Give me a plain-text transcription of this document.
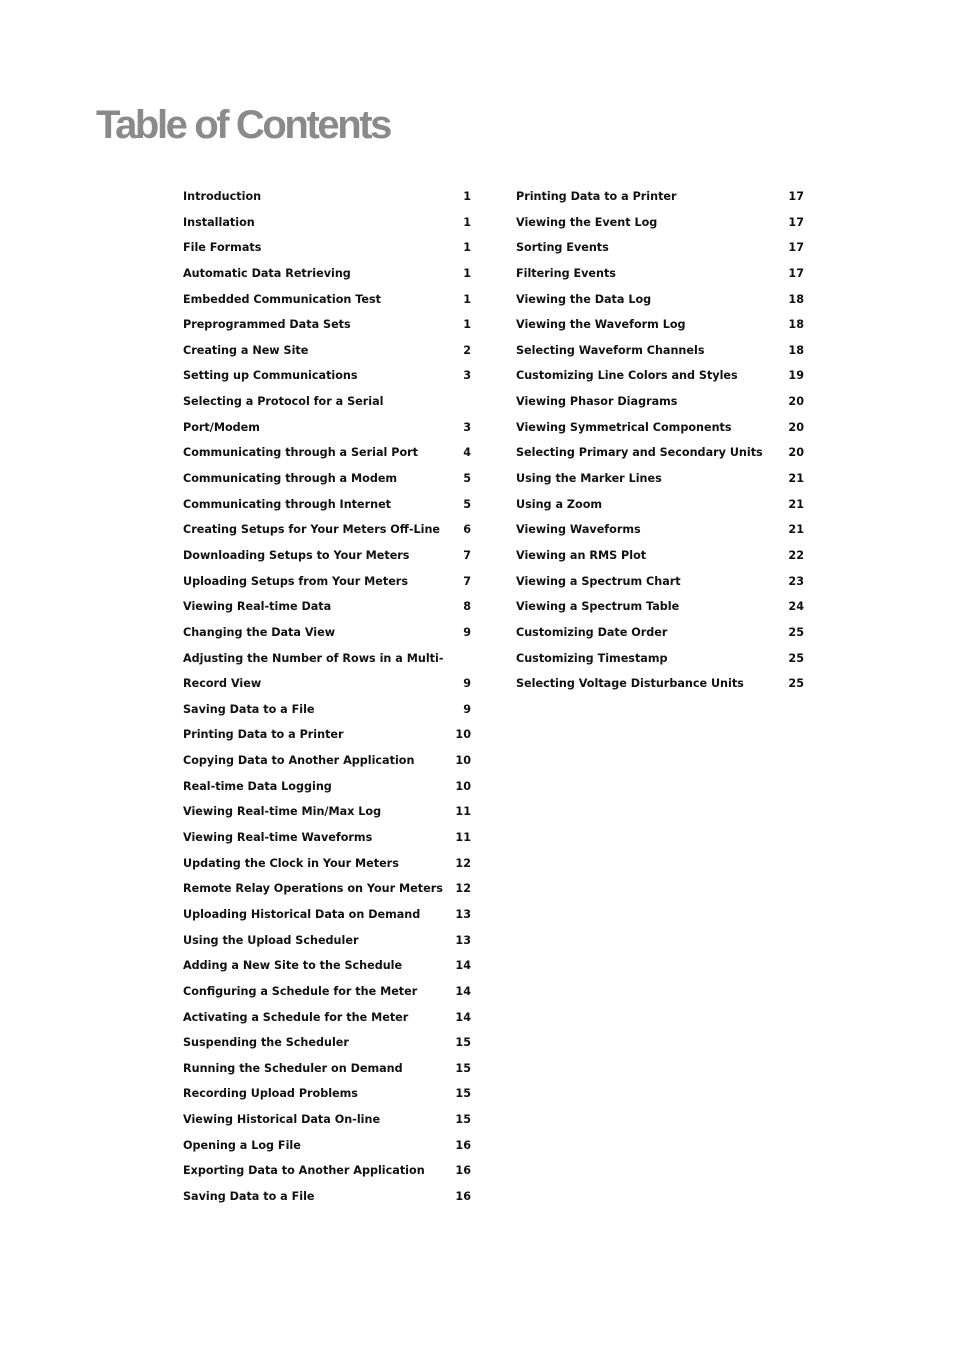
Table of Contents
Introduction	1
Installation	1
File Formats	1
Automatic Data Retrieving	1
Embedded Communication Test	1
Preprogrammed Data Sets	1
Creating a New Site	2
Setting up Communications	3
Selecting a Protocol for a Serial
Port/Modem	3
Communicating through a Serial Port	4
Communicating through a Modem	5
Communicating through Internet	5
Creating Setups for Your Meters Off-Line 6
Downloading Setups to Your Meters	7
Uploading Setups from Your Meters	7
Viewing Real-time Data	8
Changing the Data View	9
Adjusting the Number of Rows in a Multi-
Record View	9
Saving Data to a File	9
Printing Data to a Printer	10
Copying Data to Another Application	10
Real-time Data Logging	10
Viewing Real-time Min/Max Log	11
Viewing Real-time Waveforms	11
Updating the Clock in Your Meters	12
Remote Relay Operations on Your Meters 12
Uploading Historical Data on Demand	13
Using the Upload Scheduler	13
Adding a New Site to the Schedule	14
Configuring a Schedule for the Meter	14
Activating a Schedule for the Meter	14
Suspending the Scheduler	15
Running the Scheduler on Demand	15
Recording Upload Problems	15
Viewing Historical Data On-line	15
Opening a Log File	16
Exporting Data to Another Application	16
Saving Data to a File	16
Printing Data to a Printer	17
Viewing the Event Log	17
Sorting Events	17
Filtering Events	17
Viewing the Data Log	18
Viewing the Waveform Log	18
Selecting Waveform Channels	18
Customizing Line Colors and Styles	19
Viewing Phasor Diagrams	20
Viewing Symmetrical Components	20
Selecting Primary and Secondary Units 20
Using the Marker Lines	21
Using a Zoom	21
Viewing Waveforms	21
Viewing an RMS Plot	22
Viewing a Spectrum Chart	23
Viewing a Spectrum Table	24
Customizing Date Order	25
Customizing Timestamp	25
Selecting Voltage Disturbance Units	25
